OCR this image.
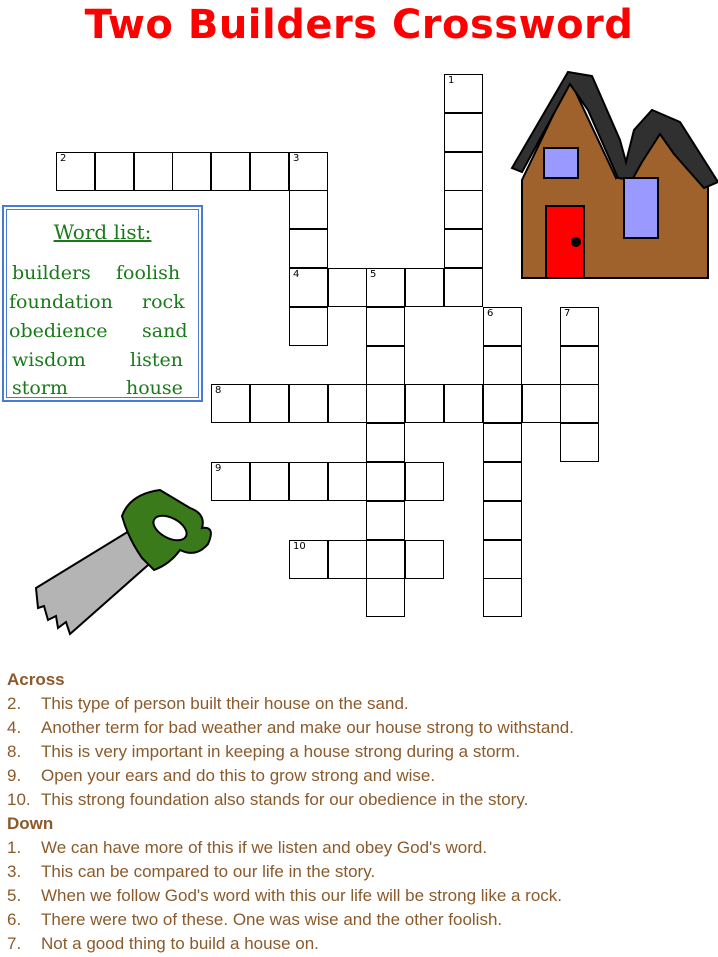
Two Builders Crossword
1
2	3
4	5
6	7
8
9
10
Word list:
builders foolish
foundation rock
obedience sand
wisdom listen
storm	house
Across
2. This type of person built their house on the sand.
4. Another term for bad weather and make our house strong to withstand.
8. This is very important in keeping a house strong during a storm.
9. Open your ears and do this to grow strong and wise.
10. This strong foundation also stands for our obedience in the story.
Down
1. We can have more of this if we listen and obey God's word.
3. This can be compared to our life in the story.
5. When we follow God's word with this our life will be strong like a rock.
6. There were two of these. One was wise and the other foolish.
7. Not a good thing to build a house on.
